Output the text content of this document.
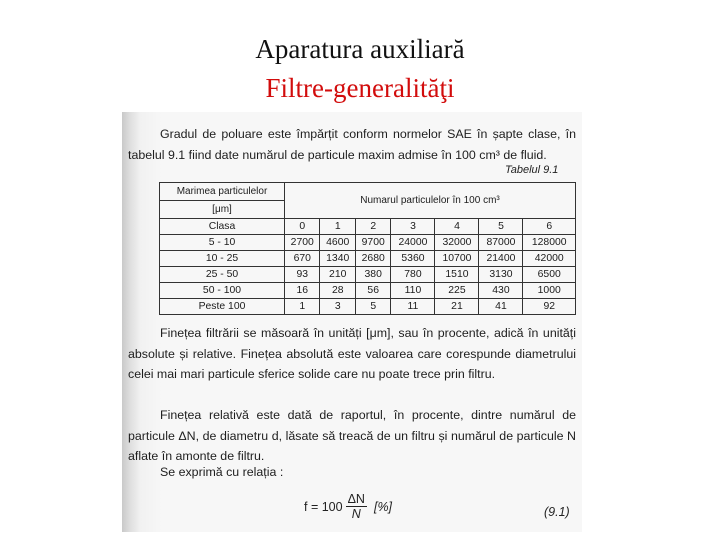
Aparatura auxiliară
Filtre-generalităţi
Gradul de poluare este împărțit conform normelor SAE în șapte clase, în tabelul 9.1 fiind date numărul de particule maxim admise în 100 cm³ de fluid.
Tabelul 9.1
Marimea particulelor	Numarul particulelor în 100 cm³						
[μm]							
Clasa	0	1	2	3	4	5	6
5 - 10	2700	4600	9700	24000	32000	87000	128000
10 - 25	670	1340	2680	5360	10700	21400	42000
25 - 50	93	210	380	780	1510	3130	6500
50 - 100	16	28	56	110	225	430	1000
Peste 100	1	3	5	11	21	41	92
Finețea filtrării se măsoară în unități [μm], sau în procente, adică în unități absolute și relative. Finețea absolută este valoarea care corespunde diametrului celei mai mari particule sferice solide care nu poate trece prin filtru.
Finețea relativă este dată de raportul, în procente, dintre numărul de particule ΔN, de diametru d, lăsate să treacă de un filtru și numărul de particule N aflate în amonte de filtru.
Se exprimă cu relația :
$f = 100 \frac{\Delta N}{N}$ [%]	(9.1)
